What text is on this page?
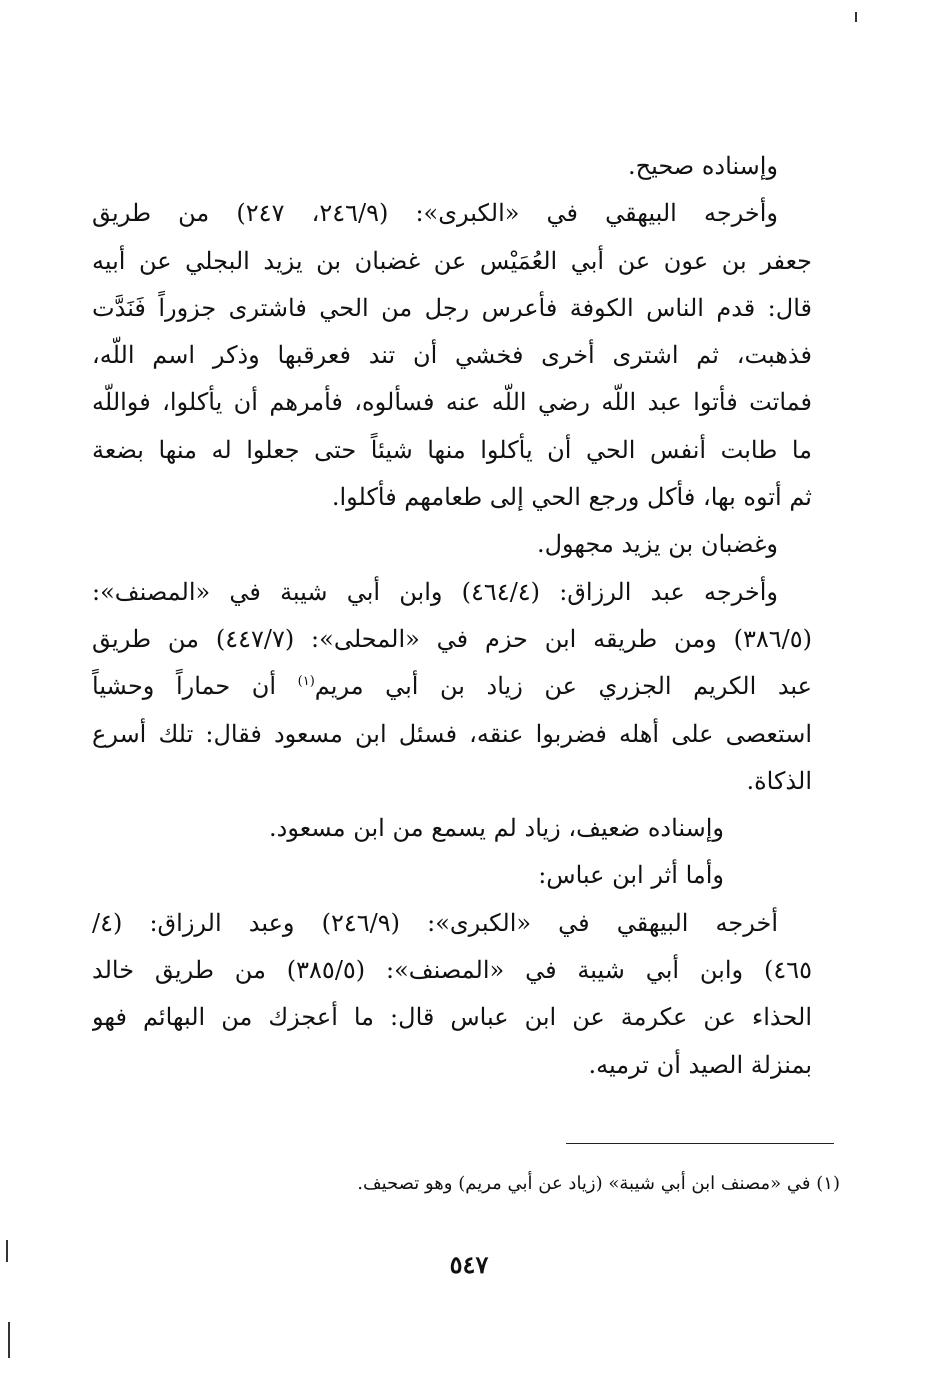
وإسناده صحيح.
وأخرجه البيهقي في «الكبرى»: (٢٤٦/٩، ٢٤٧) من طريق
جعفر بن عون عن أبي العُمَيْس عن غضبان بن يزيد البجلي عن أبيه
قال: قدم الناس الكوفة فأعرس رجل من الحي فاشترى جزوراً فَنَدَّت
فذهبت، ثم اشترى أخرى فخشي أن تند فعرقبها وذكر اسم اللّه،
فماتت فأتوا عبد اللّه رضي اللّه عنه فسألوه، فأمرهم أن يأكلوا، فواللّه
ما طابت أنفس الحي أن يأكلوا منها شيئاً حتى جعلوا له منها بضعة
ثم أتوه بها، فأكل ورجع الحي إلى طعامهم فأكلوا.
وغضبان بن يزيد مجهول.
وأخرجه عبد الرزاق: (٤٦٤/٤) وابن أبي شيبة في «المصنف»:
(٣٨٦/٥) ومن طريقه ابن حزم في «المحلى»: (٤٤٧/٧) من طريق
عبد الكريم الجزري عن زياد بن أبي مريم$^{(١)}$ أن حماراً وحشياً
استعصى على أهله فضربوا عنقه، فسئل ابن مسعود فقال: تلك أسرع
الذكاة.
وإسناده ضعيف، زياد لم يسمع من ابن مسعود.
وأما أثر ابن عباس:
أخرجه البيهقي في «الكبرى»: (٢٤٦/٩) وعبد الرزاق: (٤/
٤٦٥) وابن أبي شيبة في «المصنف»: (٣٨٥/٥) من طريق خالد
الحذاء عن عكرمة عن ابن عباس قال: ما أعجزك من البهائم فهو
بمنزلة الصيد أن ترميه.
(١) في «مصنف ابن أبي شيبة» (زياد عن أبي مريم) وهو تصحيف.
٥٤٧
